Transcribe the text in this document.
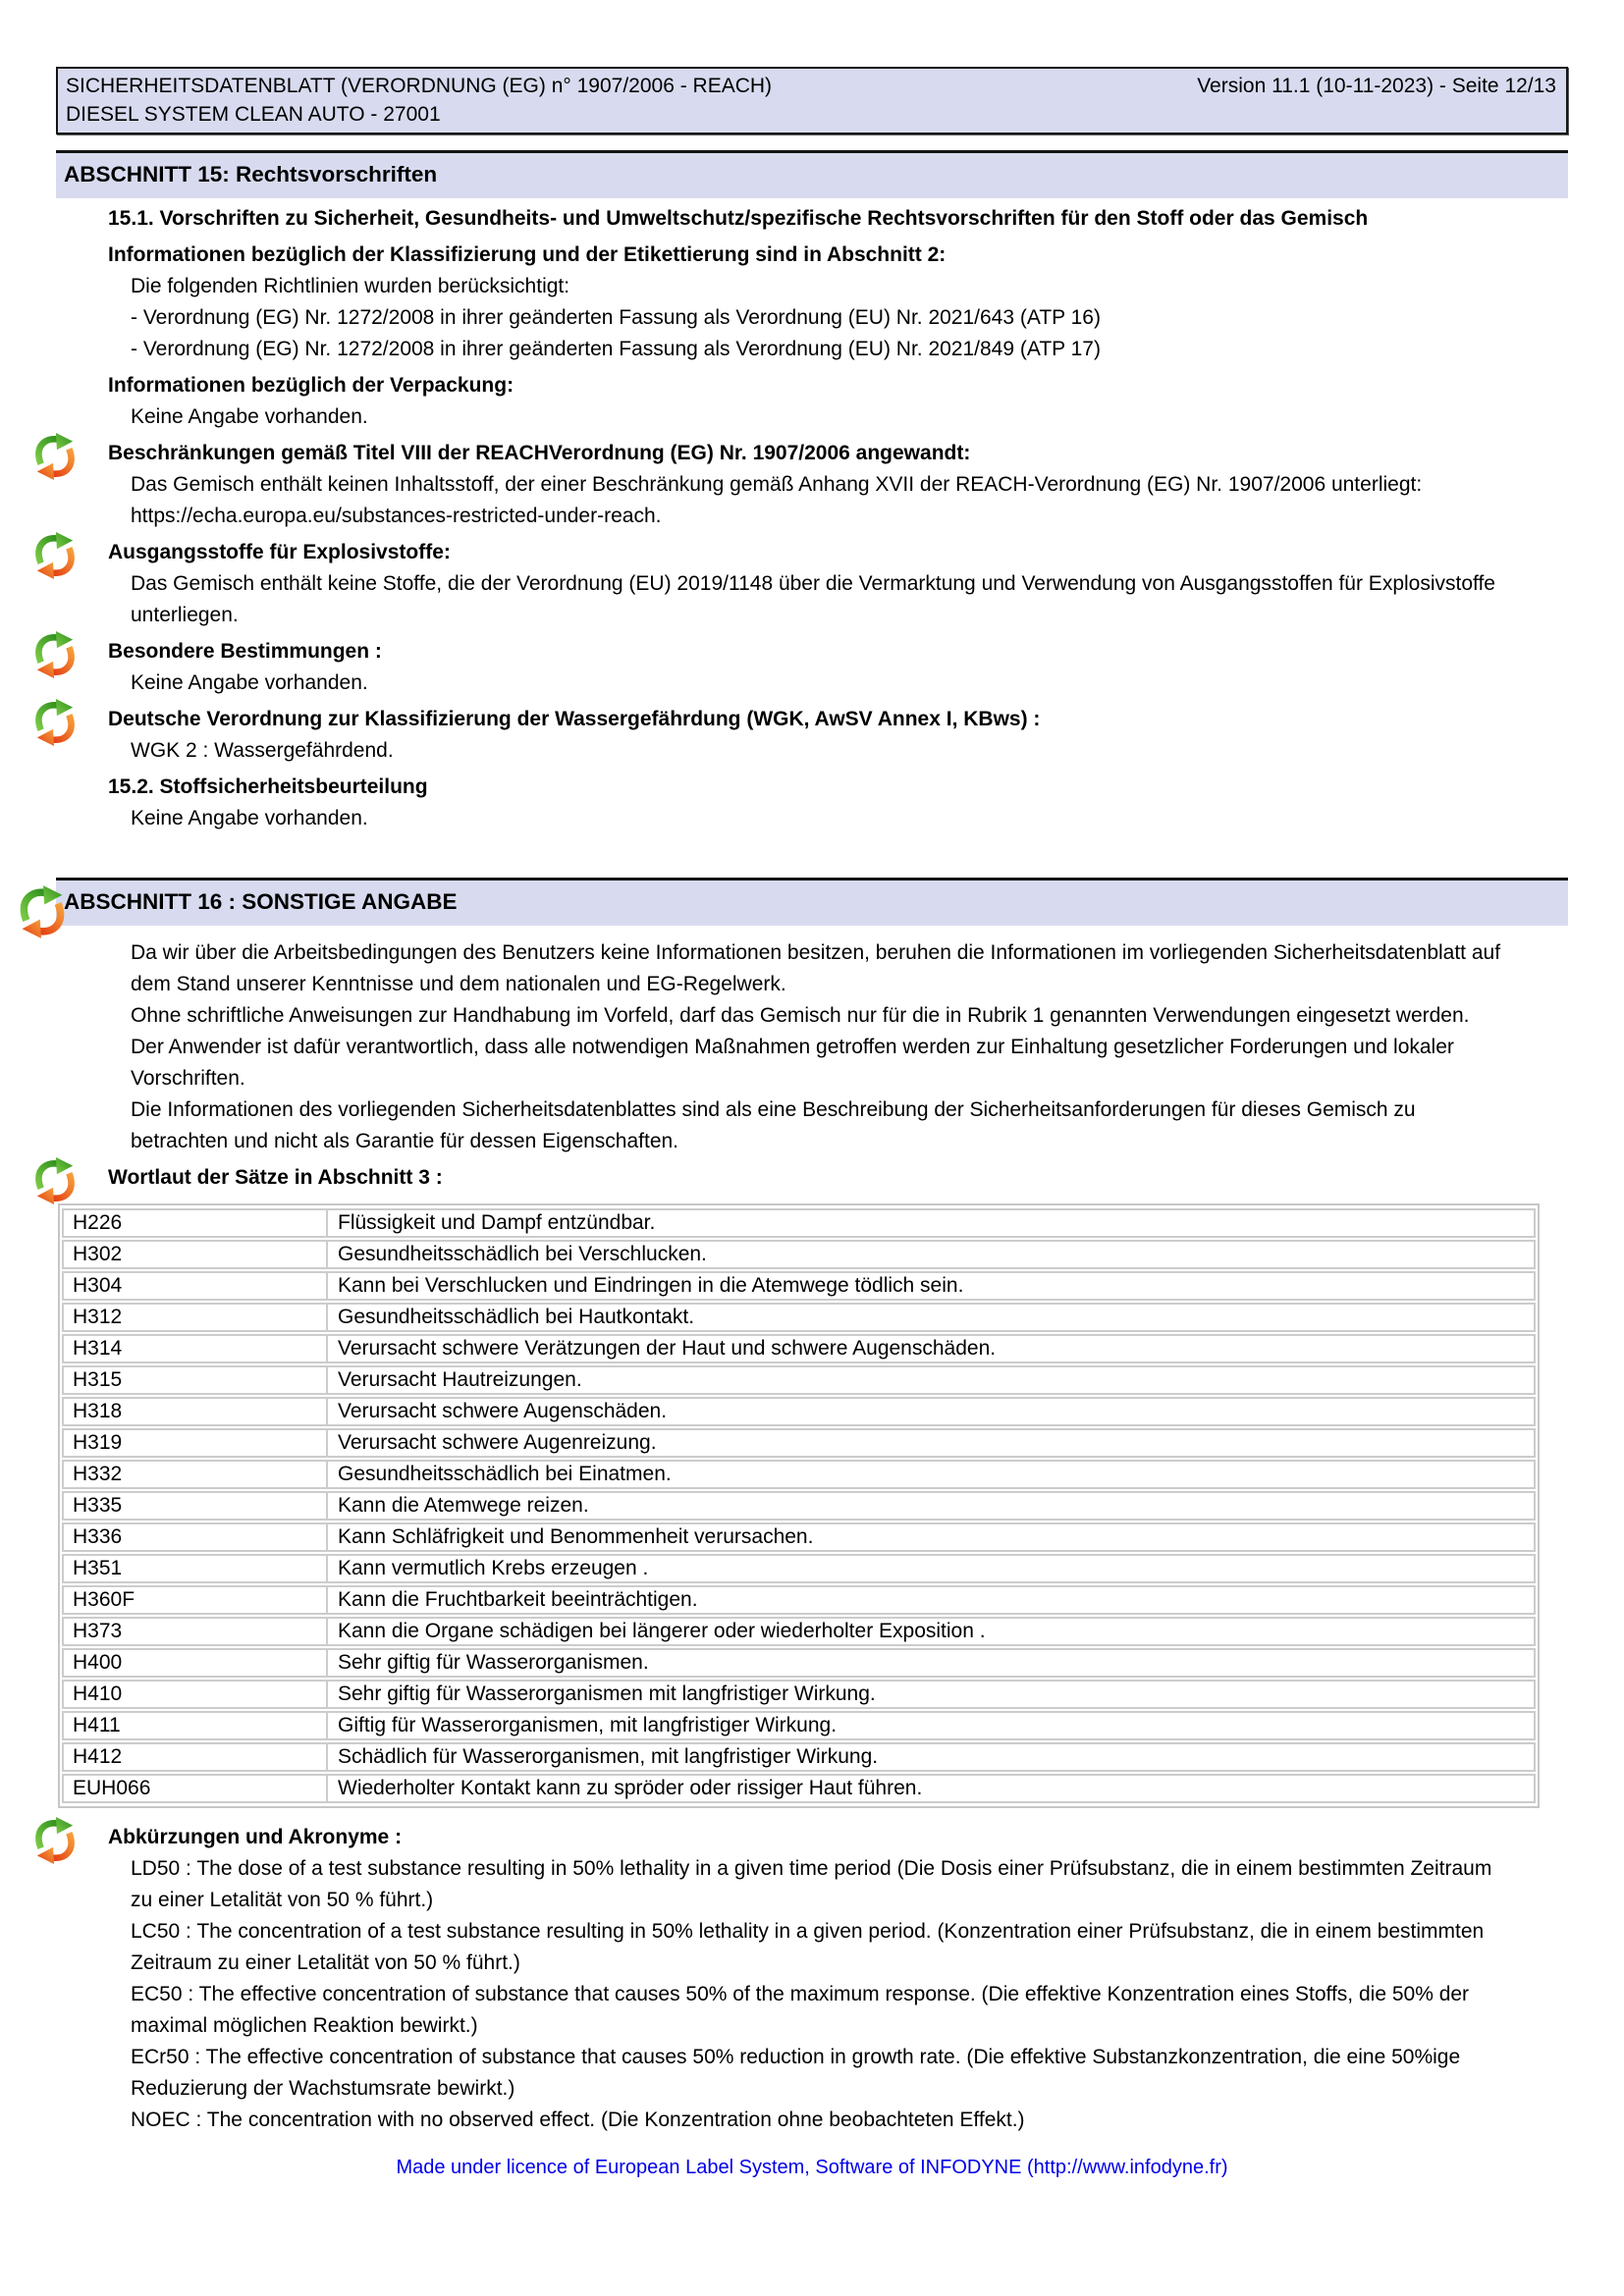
SICHERHEITSDATENBLATT (VERORDNUNG (EG) n° 1907/2006 - REACH)	Version 11.1 (10-11-2023) - Seite 12/13
DIESEL SYSTEM CLEAN AUTO - 27001
ABSCHNITT 15: Rechtsvorschriften
15.1. Vorschriften zu Sicherheit, Gesundheits- und Umweltschutz/spezifische Rechtsvorschriften für den Stoff oder das Gemisch
Informationen bezüglich der Klassifizierung und der Etikettierung sind in Abschnitt 2:
Die folgenden Richtlinien wurden berücksichtigt:
- Verordnung (EG) Nr. 1272/2008 in ihrer geänderten Fassung als Verordnung (EU) Nr. 2021/643 (ATP 16)
- Verordnung (EG) Nr. 1272/2008 in ihrer geänderten Fassung als Verordnung (EU) Nr. 2021/849 (ATP 17)
Informationen bezüglich der Verpackung:
Keine Angabe vorhanden.
Beschränkungen gemäß Titel VIII der REACHVerordnung (EG) Nr. 1907/2006 angewandt:
Das Gemisch enthält keinen Inhaltsstoff, der einer Beschränkung gemäß Anhang XVII der REACH-Verordnung (EG) Nr. 1907/2006 unterliegt:
https://echa.europa.eu/substances-restricted-under-reach.
Ausgangsstoffe für Explosivstoffe:
Das Gemisch enthält keine Stoffe, die der Verordnung (EU) 2019/1148 über die Vermarktung und Verwendung von Ausgangsstoffen für Explosivstoffe unterliegen.
Besondere Bestimmungen :
Keine Angabe vorhanden.
Deutsche Verordnung zur Klassifizierung der Wassergefährdung (WGK, AwSV Annex I, KBws) :
WGK 2 : Wassergefährdend.
15.2. Stoffsicherheitsbeurteilung
Keine Angabe vorhanden.
ABSCHNITT 16 : SONSTIGE ANGABE
Da wir über die Arbeitsbedingungen des Benutzers keine Informationen besitzen, beruhen die Informationen im vorliegenden Sicherheitsdatenblatt auf dem Stand unserer Kenntnisse und dem nationalen und EG-Regelwerk.
Ohne schriftliche Anweisungen zur Handhabung im Vorfeld, darf das Gemisch nur für die in Rubrik 1 genannten Verwendungen eingesetzt werden.
Der Anwender ist dafür verantwortlich, dass alle notwendigen Maßnahmen getroffen werden zur Einhaltung gesetzlicher Forderungen und lokaler Vorschriften.
Die Informationen des vorliegenden Sicherheitsdatenblattes sind als eine Beschreibung der Sicherheitsanforderungen für dieses Gemisch zu betrachten und nicht als Garantie für dessen Eigenschaften.
Wortlaut der Sätze in Abschnitt 3 :
H226	Flüssigkeit und Dampf entzündbar.
H302	Gesundheitsschädlich bei Verschlucken.
H304	Kann bei Verschlucken und Eindringen in die Atemwege tödlich sein.
H312	Gesundheitsschädlich bei Hautkontakt.
H314	Verursacht schwere Verätzungen der Haut und schwere Augenschäden.
H315	Verursacht Hautreizungen.
H318	Verursacht schwere Augenschäden.
H319	Verursacht schwere Augenreizung.
H332	Gesundheitsschädlich bei Einatmen.
H335	Kann die Atemwege reizen.
H336	Kann Schläfrigkeit und Benommenheit verursachen.
H351	Kann vermutlich Krebs erzeugen .
H360F	Kann die Fruchtbarkeit beeinträchtigen.
H373	Kann die Organe schädigen bei längerer oder wiederholter Exposition .
H400	Sehr giftig für Wasserorganismen.
H410	Sehr giftig für Wasserorganismen mit langfristiger Wirkung.
H411	Giftig für Wasserorganismen, mit langfristiger Wirkung.
H412	Schädlich für Wasserorganismen, mit langfristiger Wirkung.
EUH066	Wiederholter Kontakt kann zu spröder oder rissiger Haut führen.
Abkürzungen und Akronyme :
LD50 : The dose of a test substance resulting in 50% lethality in a given time period (Die Dosis einer Prüfsubstanz, die in einem bestimmten Zeitraum zu einer Letalität von 50 % führt.)
LC50 : The concentration of a test substance resulting in 50% lethality in a given period. (Konzentration einer Prüfsubstanz, die in einem bestimmten Zeitraum zu einer Letalität von 50 % führt.)
EC50 : The effective concentration of substance that causes 50% of the maximum response. (Die effektive Konzentration eines Stoffs, die 50% der maximal möglichen Reaktion bewirkt.)
ECr50 : The effective concentration of substance that causes 50% reduction in growth rate. (Die effektive Substanzkonzentration, die eine 50%ige Reduzierung der Wachstumsrate bewirkt.)
NOEC : The concentration with no observed effect. (Die Konzentration ohne beobachteten Effekt.)
Made under licence of European Label System, Software of INFODYNE (http://www.infodyne.fr)
